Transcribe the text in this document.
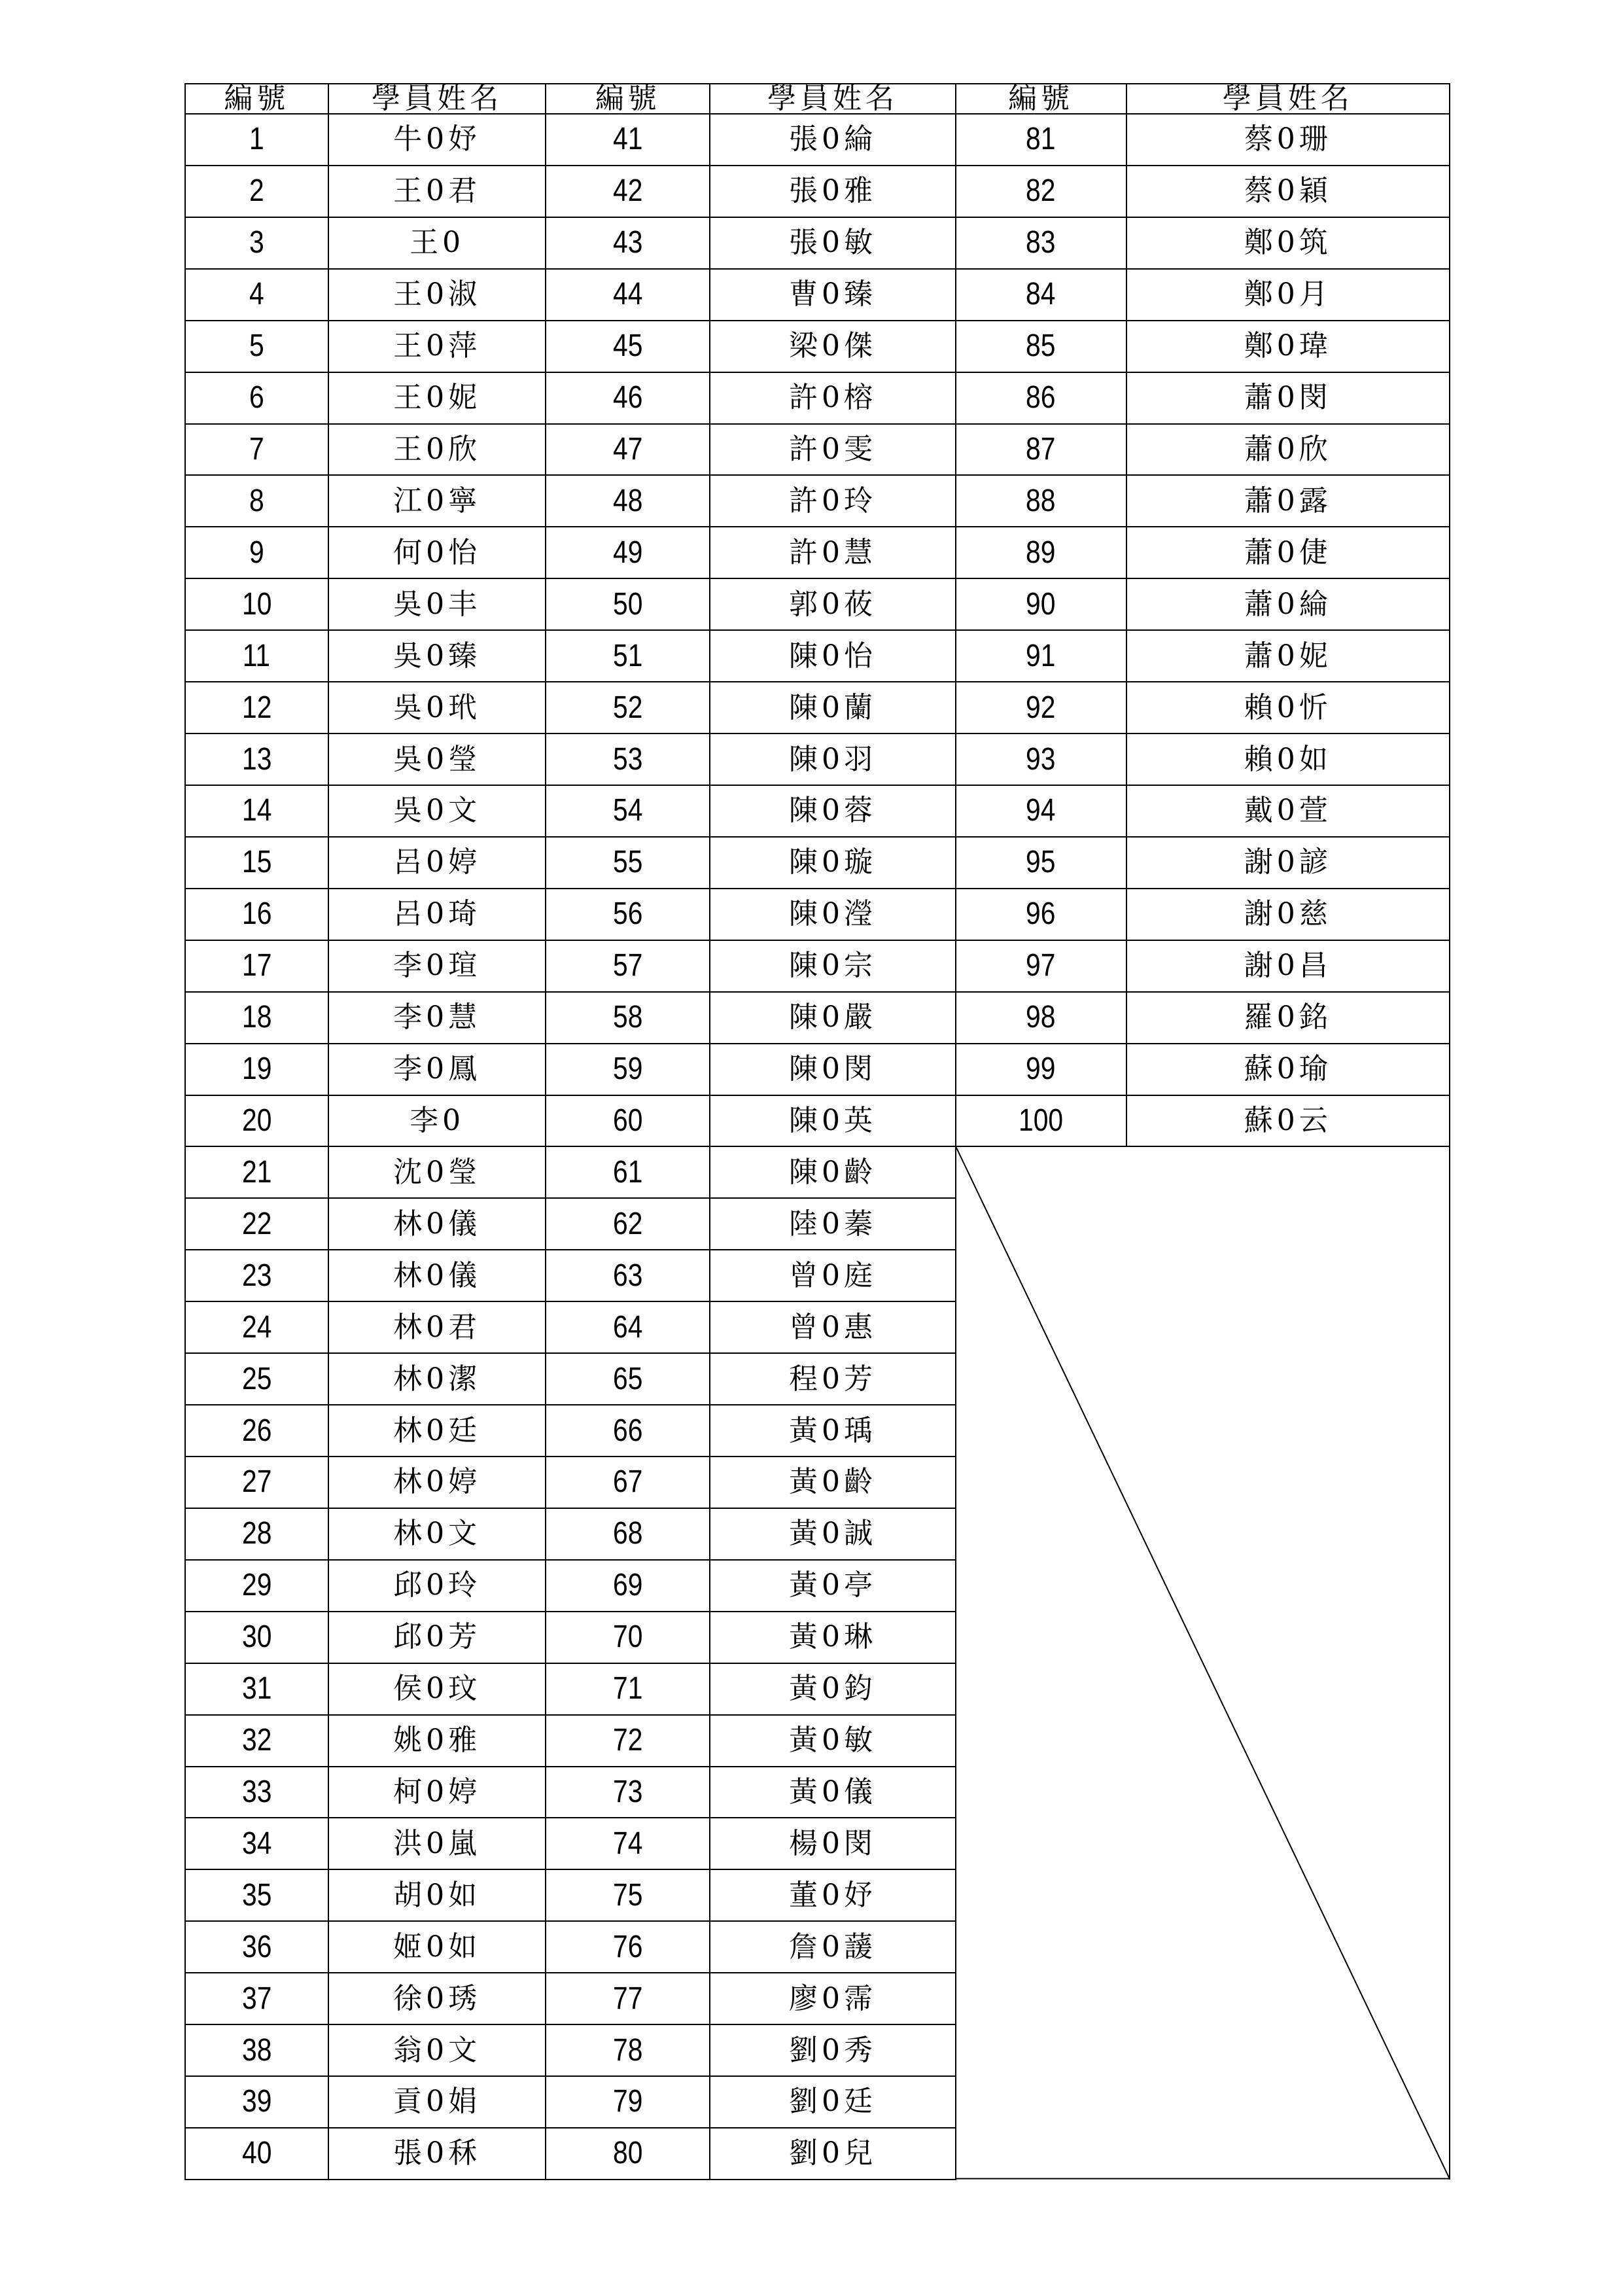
編號	學員姓名	編號	學員姓名	編號	學員姓名
1	牛0妤	41	張0綸	81	蔡0珊
2	王0君	42	張0雅	82	蔡0穎
3	王0	43	張0敏	83	鄭0筑
4	王0淑	44	曹0臻	84	鄭0月
5	王0萍	45	梁0傑	85	鄭0瑋
6	王0妮	46	許0榕	86	蕭0閔
7	王0欣	47	許0雯	87	蕭0欣
8	江0寧	48	許0玲	88	蕭0露
9	何0怡	49	許0慧	89	蕭0倢
10	吳0丰	50	郭0莜	90	蕭0綸
11	吳0臻	51	陳0怡	91	蕭0妮
12	吳0玳	52	陳0蘭	92	賴0忻
13	吳0瑩	53	陳0羽	93	賴0如
14	吳0文	54	陳0蓉	94	戴0萱
15	呂0婷	55	陳0璇	95	謝0諺
16	呂0琦	56	陳0瀅	96	謝0慈
17	李0瑄	57	陳0宗	97	謝0昌
18	李0慧	58	陳0嚴	98	羅0銘
19	李0鳳	59	陳0閔	99	蘇0瑜
20	李0	60	陳0英	100	蘇0云
21	沈0瑩	61	陳0齡		
22	林0儀	62	陸0蓁		
23	林0儀	63	曾0庭		
24	林0君	64	曾0惠		
25	林0潔	65	程0芳		
26	林0廷	66	黃0瑀		
27	林0婷	67	黃0齡		
28	林0文	68	黃0誠		
29	邱0玲	69	黃0亭		
30	邱0芳	70	黃0琳		
31	侯0玟	71	黃0鈞		
32	姚0雅	72	黃0敏		
33	柯0婷	73	黃0儀		
34	洪0嵐	74	楊0閔		
35	胡0如	75	董0妤		
36	姬0如	76	詹0蘐		
37	徐0琇	77	廖0霈		
38	翁0文	78	劉0秀		
39	貢0娟	79	劉0廷		
40	張0秝	80	劉0兒		
